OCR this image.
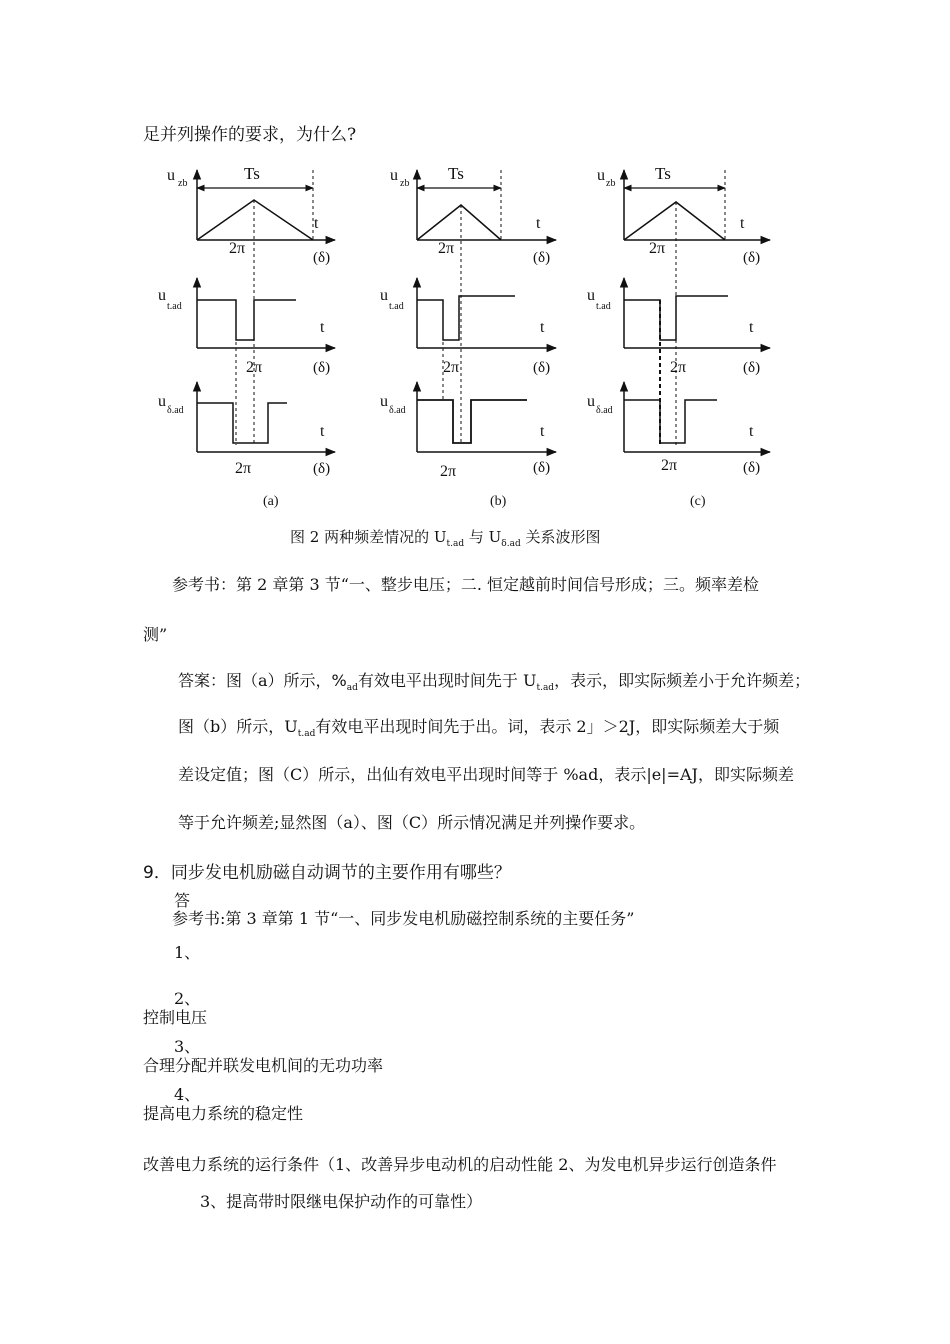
足并列操作的要求，为什么?
Ts
u zb
t
2π
(δ)
u
t.ad
t
2π	(δ)
u
δ.ad
t
2π	(δ)
(a)
Ts
u zb
t
2π
(δ)
u
t.ad
t
2π	(δ)
u
δ.ad
t
2π	(δ)
(b)
Ts
u zb
t
2π
(δ)
u
t.ad
t
2π	(δ)
u
δ.ad
t
2π	(δ)
(c)
图 2 两种频差情况的 $U_{t.ad}$ 与 $U_{\delta.ad}$ 关系波形图
参考书：第 2 章第 3 节“一、整步电压；二. 恒定越前时间信号形成；三。频率差检
测”
答案：图（a）所示，$\%_{ad}$有效电平出现时间先于 $U_{t.ad}$，表示，即实际频差小于允许频差；
图（b）所示，$U_{t.ad}$有效电平出现时间先于出。词，表示 2」＞2J，即实际频差大于频
差设定值；图（C）所示，出仙有效电平出现时间等于 %ad，表示|e|=AJ，即实际频差
等于允许频差;显然图（a）、图（C）所示情况满足并列操作要求。
9．同步发电机励磁自动调节的主要作用有哪些？
答
参考书:第 3 章第 1 节“一、同步发电机励磁控制系统的主要任务”
1、
2、
控制电压
3、
合理分配并联发电机间的无功功率
4、
提高电力系统的稳定性
改善电力系统的运行条件（1、改善异步电动机的启动性能 2、为发电机异步运行创造条件
3、提高带时限继电保护动作的可靠性）
